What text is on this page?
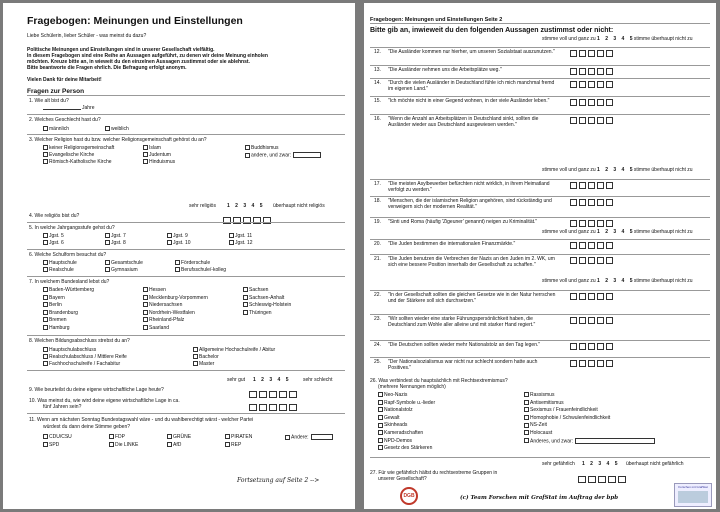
Fragebogen: Meinungen und Einstellungen
Liebe Schülerin, lieber Schüler - was meinst du dazu?
Politische Meinungen und Einstellungen sind in unserer Gesellschaft vielfältig.
In diesem Fragebogen sind eine Reihe an Aussagen aufgeführt, zu denen wir deine Meinung einholen
möchten. Kreuze bitte an, in wieweit du den einzelnen Aussagen zustimmst oder sie ablehnst.
Bitte beantworte die Fragen ehrlich. Die Befragung erfolgt anonym.
Vielen Dank für deine Mitarbeit!
Fragen zur Person
1. Wie alt bist du?
Jahre
2. Welches Geschlecht hast du?
männlich	weiblich
3. Welcher Religion hast du bzw. welcher Religionsgemeinschaft gehörst du an?
keiner Religionsgemeinschaft	Islam	Buddhismus
Evangelische Kirche	Judentum	andere, und zwar:
Römisch-Katholische Kirche	Hinduismus
sehr religiös 1 2 3 4 5 überhaupt nicht religiös
4. Wie religiös bist du?
5. In welche Jahrgangsstufe gehst du?
Jgst. 5	Jgst. 7	Jgst. 9	Jgst. 11
Jgst. 6	Jgst. 8	Jgst. 10	Jgst. 12
6. Welche Schulform besuchst du?
Hauptschule	Gesamtschule	Förderschule
Realschule	Gymnasium	Berufsschule/-kolleg
7. In welchem Bundesland lebst du?
Baden-Württemberg	Hessen	Sachsen
Bayern	Mecklenburg-Vorpommern	Sachsen-Anhalt
Berlin	Niedersachsen	Schleswig-Holstein
Brandenburg	Nordrhein-Westfalen	Thüringen
Bremen	Rheinland-Pfalz
Hamburg	Saarland
8. Welchen Bildungsabschluss strebst du an?
Hauptschulabschluss	Allgemeine Hochschulreife / Abitur
Realschulabschluss / Mittlere Reife	Bachelor
Fachhochschulreife / Fachabitur	Master
sehr gut 1 2 3 4 5	sehr schlecht
9. Wie beurteilst du deine eigene wirtschaftliche Lage heute?
10. Was meinst du, wie wird deine eigene wirtschaftliche Lage in ca.
fünf Jahren sein?
11. Wenn am nächsten Sonntag Bundestagswahl wäre - und du wahlberechtigt wärst - welcher Partei
würdest du dann deine Stimme geben?
CDU/CSU	FDP	GRÜNE	PIRATEN	Andere:
SPD	Die LINKE	AfD	REP
Fortsetzung auf Seite 2 -->
Fragebogen: Meinungen und Einstellungen Seite 2
Bitte gib an, inwieweit du den folgenden Aussagen zustimmst oder nicht:
stimme voll und ganz zu 1 2 3 4 5 stimme überhaupt nicht zu
stimme voll und ganz zu 1 2 3 4 5 stimme überhaupt nicht zu
stimme voll und ganz zu 1 2 3 4 5 stimme überhaupt nicht zu
stimme voll und ganz zu 1 2 3 4 5 stimme überhaupt nicht zu
12. "Die Ausländer kommen nur hierher, um unseren Sozialstaat auszunutzen."
13. "Die Ausländer nehmen uns die Arbeitsplätze weg."
14. "Durch die vielen Ausländer in Deutschland fühle ich mich manchmal fremd im eigenen Land."
15. "Ich möchte nicht in einer Gegend wohnen, in der viele Ausländer leben."
16. "Wenn die Anzahl an Arbeitsplätzen in Deutschland sinkt, sollten die Ausländer wieder aus Deutschland ausgewiesen werden."
17. "Die meisten Asylbewerber befürchten nicht wirklich, in ihrem Heimatland verfolgt zu werden."
18. "Menschen, die der islamischen Religion angehören, sind rückständig und verweigern sich der modernen Realität."
19. "Sinti und Roma (häufig 'Zigeuner' genannt) neigen zu Kriminalität."
20. "Die Juden bestimmen die internationalen Finanzmärkte."
21. "Die Juden benutzen die Verbrechen der Nazis an den Juden im 2. WK, um sich eine bessere Position innerhalb der Gesellschaft zu schaffen."
22. "In der Gesellschaft sollten die gleichen Gesetze wie in der Natur herrschen und der Stärkere soll sich durchsetzen."
23. "Wir sollten wieder eine starke Führungspersönlichkeit haben, die Deutschland zum Wohle aller alleine und mit starker Hand regiert."
24. "Die Deutschen sollten wieder mehr Nationalstolz an den Tag legen."
25. "Der Nationalsozialismus war nicht nur schlecht sondern hatte auch Positives."
26. Was verbindest du hauptsächlich mit Rechtsextremismus?
(mehrere Nennungen möglich)
Neo-Nazis	Rassismus
Rapf-Symbole u.-lieder	Antisemitismus
Nationalstolz	Sexismus / Frauenfeindlichkeit
Gewalt	Homophobie / Schwulenfeindlichkeit
Skinheads	NS-Zeit
Kameradschaften	Holocaust
NPD-Demos	Anderes, und zwar:
Gesetz des Stärkeren
sehr gefährlich 1 2 3 4 5 überhaupt nicht gefährlich
27. Für wie gefährlich hältst du rechtsextreme Gruppen in
unserer Gesellschaft?
DGB	(c) Team Forschen mit GrafStat im Auftrag der bpb
Forschen mit GrafStat
